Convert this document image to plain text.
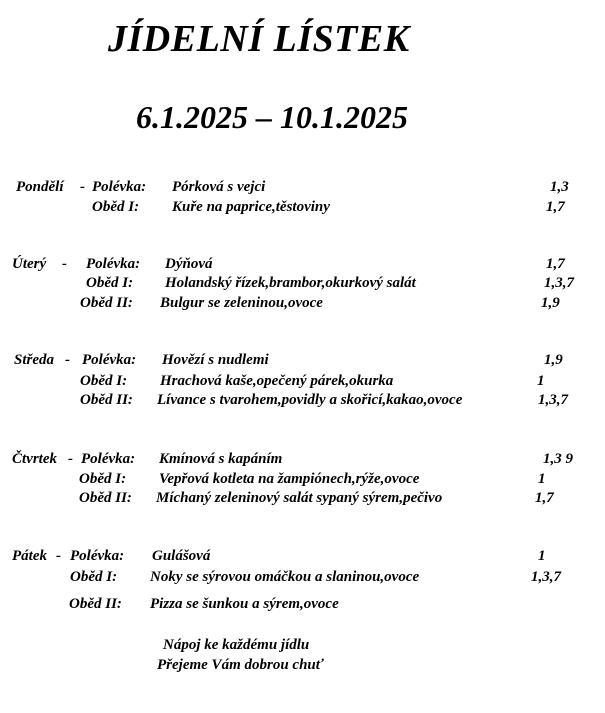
JÍDELNÍ LÍSTEK
6.1.2025 – 10.1.2025
Pondělí - Polévka: Pórková s vejci	1,3
Oběd I: Kuře na paprice,těstoviny	1,7
Úterý - Polévka: Dýňová	1,7
Oběd I: Holandský řízek,brambor,okurkový salát	1,3,7
Oběd II: Bulgur se zeleninou,ovoce	1,9
Středa - Polévka: Hovězí s nudlemi	1,9
Oběd I: Hrachová kaše,opečený párek,okurka	1
Oběd II: Lívance s tvarohem,povidly a skořicí,kakao,ovoce	1,3,7
Čtvrtek - Polévka: Kmínová s kapáním	1,3 9
Oběd I: Vepřová kotleta na žampiónech,rýže,ovoce	1
Oběd II: Míchaný zeleninový salát sypaný sýrem,pečivo	1,7
Pátek - Polévka: Gulášová	1
Oběd I: Noky se sýrovou omáčkou a slaninou,ovoce	1,3,7
Oběd II: Pizza se šunkou a sýrem,ovoce
Nápoj ke každému jídlu
Přejeme Vám dobrou chuť
